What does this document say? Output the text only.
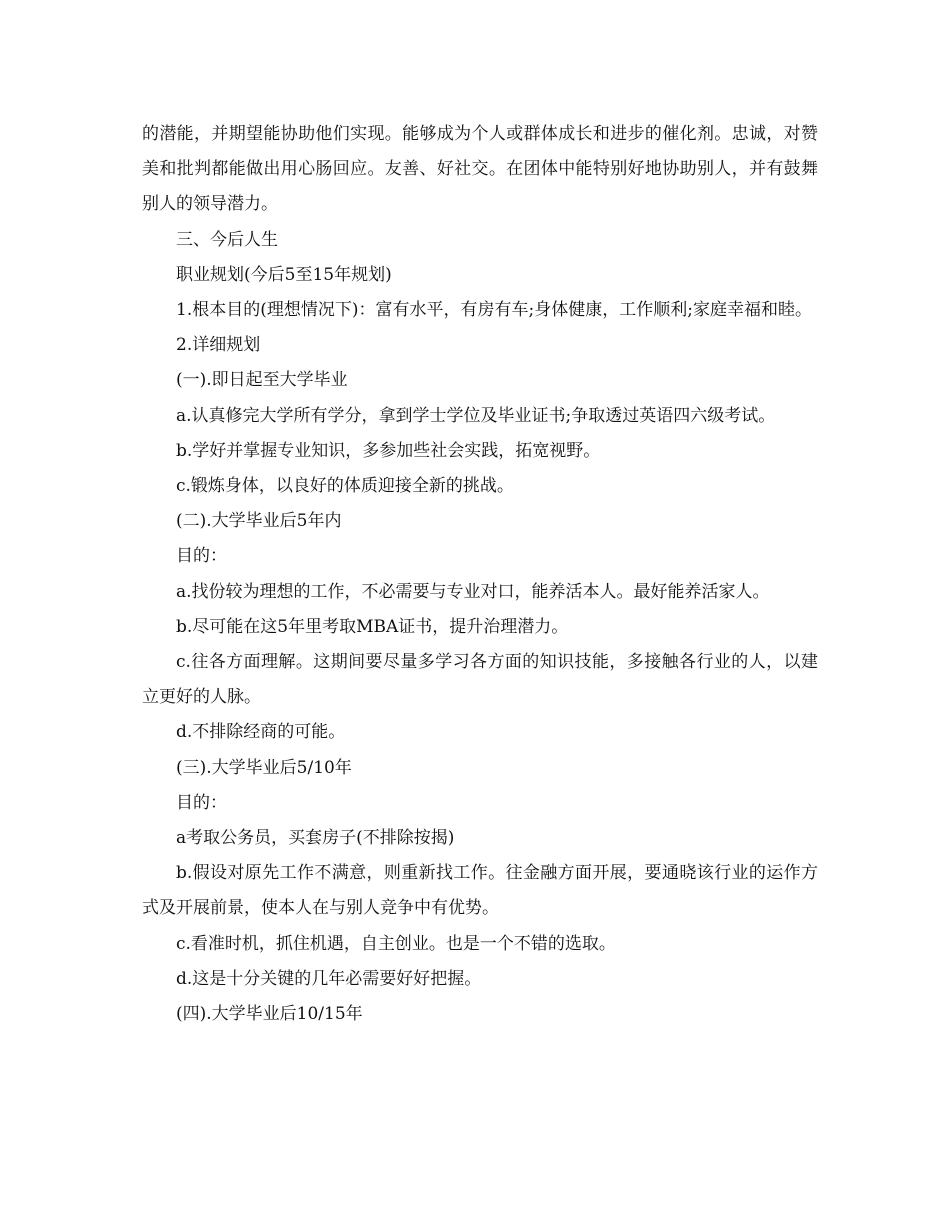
的潜能，并期望能协助他们实现。能够成为个人或群体成长和进步的催化剂。忠诚，对赞美和批判都能做出用心肠回应。友善、好社交。在团体中能特别好地协助别人，并有鼓舞别人的领导潜力。

三、今后人生

职业规划(今后5至15年规划)

1.根本目的(理想情况下)：富有水平，有房有车;身体健康，工作顺利;家庭幸福和睦。

2.详细规划

(一).即日起至大学毕业

a.认真修完大学所有学分，拿到学士学位及毕业证书;争取透过英语四六级考试。

b.学好并掌握专业知识，多参加些社会实践，拓宽视野。

c.锻炼身体，以良好的体质迎接全新的挑战。

(二).大学毕业后5年内

目的：

a.找份较为理想的工作，不必需要与专业对口，能养活本人。最好能养活家人。

b.尽可能在这5年里考取MBA证书，提升治理潜力。

c.往各方面理解。这期间要尽量多学习各方面的知识技能，多接触各行业的人，以建立更好的人脉。

d.不排除经商的可能。

(三).大学毕业后5/10年

目的：

a考取公务员，买套房子(不排除按揭)

b.假设对原先工作不满意，则重新找工作。往金融方面开展，要通晓该行业的运作方式及开展前景，使本人在与别人竞争中有优势。

c.看准时机，抓住机遇，自主创业。也是一个不错的选取。

d.这是十分关键的几年必需要好好把握。

(四).大学毕业后10/15年
